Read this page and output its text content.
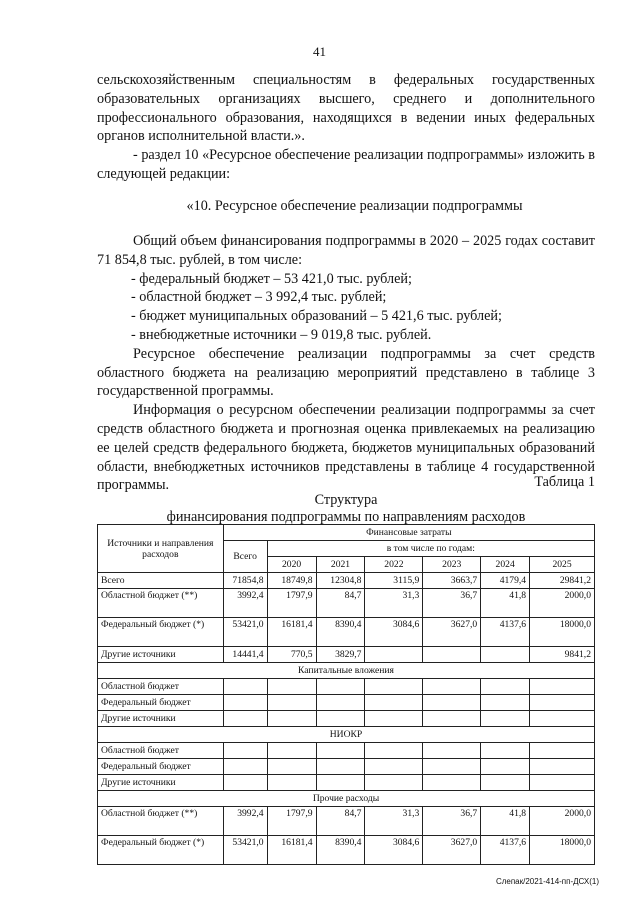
41

сельскохозяйственным специальностям в федеральных государственных образовательных организациях высшего, среднего и дополнительного профессионального образования, находящихся в ведении иных федеральных органов исполнительной власти.».

- раздел 10 «Ресурсное обеспечение реализации подпрограммы» изложить в следующей редакции:

«10. Ресурсное обеспечение реализации подпрограммы

Общий объем финансирования подпрограммы в 2020 – 2025 годах составит 71 854,8 тыс. рублей, в том числе:

- федеральный бюджет – 53 421,0 тыс. рублей;

- областной бюджет – 3 992,4 тыс. рублей;

- бюджет муниципальных образований – 5 421,6 тыс. рублей;

- внебюджетные источники – 9 019,8 тыс. рублей.

Ресурсное обеспечение реализации подпрограммы за счет средств областного бюджета на реализацию мероприятий представлено в таблице 3 государственной программы.

Информация о ресурсном обеспечении реализации подпрограммы за счет средств областного бюджета и прогнозная оценка привлекаемых на реализацию ее целей средств федерального бюджета, бюджетов муниципальных образований области, внебюджетных источников представлены в таблице 4 государственной программы.	Таблица 1
Структура
финансирования подпрограммы по направлениям расходов
Источники и направления расходов	Финансовые затраты						
	Всего	в том числе по годам:					
		2020	2021	2022	2023	2024	2025
Всего	71854,8	18749,8	12304,8	3115,9	3663,7	4179,4	29841,2
Областной бюджет (**)	3992,4	1797,9	84,7	31,3	36,7	41,8	2000,0
Федеральный бюджет (*)	53421,0	16181,4	8390,4	3084,6	3627,0	4137,6	18000,0
Другие источники	14441,4	770,5	3829,7				9841,2
Капитальные вложения							
Областной бюджет							
Федеральный бюджет							
Другие источники							
НИОКР							
Областной бюджет							
Федеральный бюджет							
Другие источники							
Прочие расходы							
Областной бюджет (**)	3992,4	1797,9	84,7	31,3	36,7	41,8	2000,0
Федеральный бюджет (*)	53421,0	16181,4	8390,4	3084,6	3627,0	4137,6	18000,0
Слепак/2021-414-пп-ДСХ(1)
